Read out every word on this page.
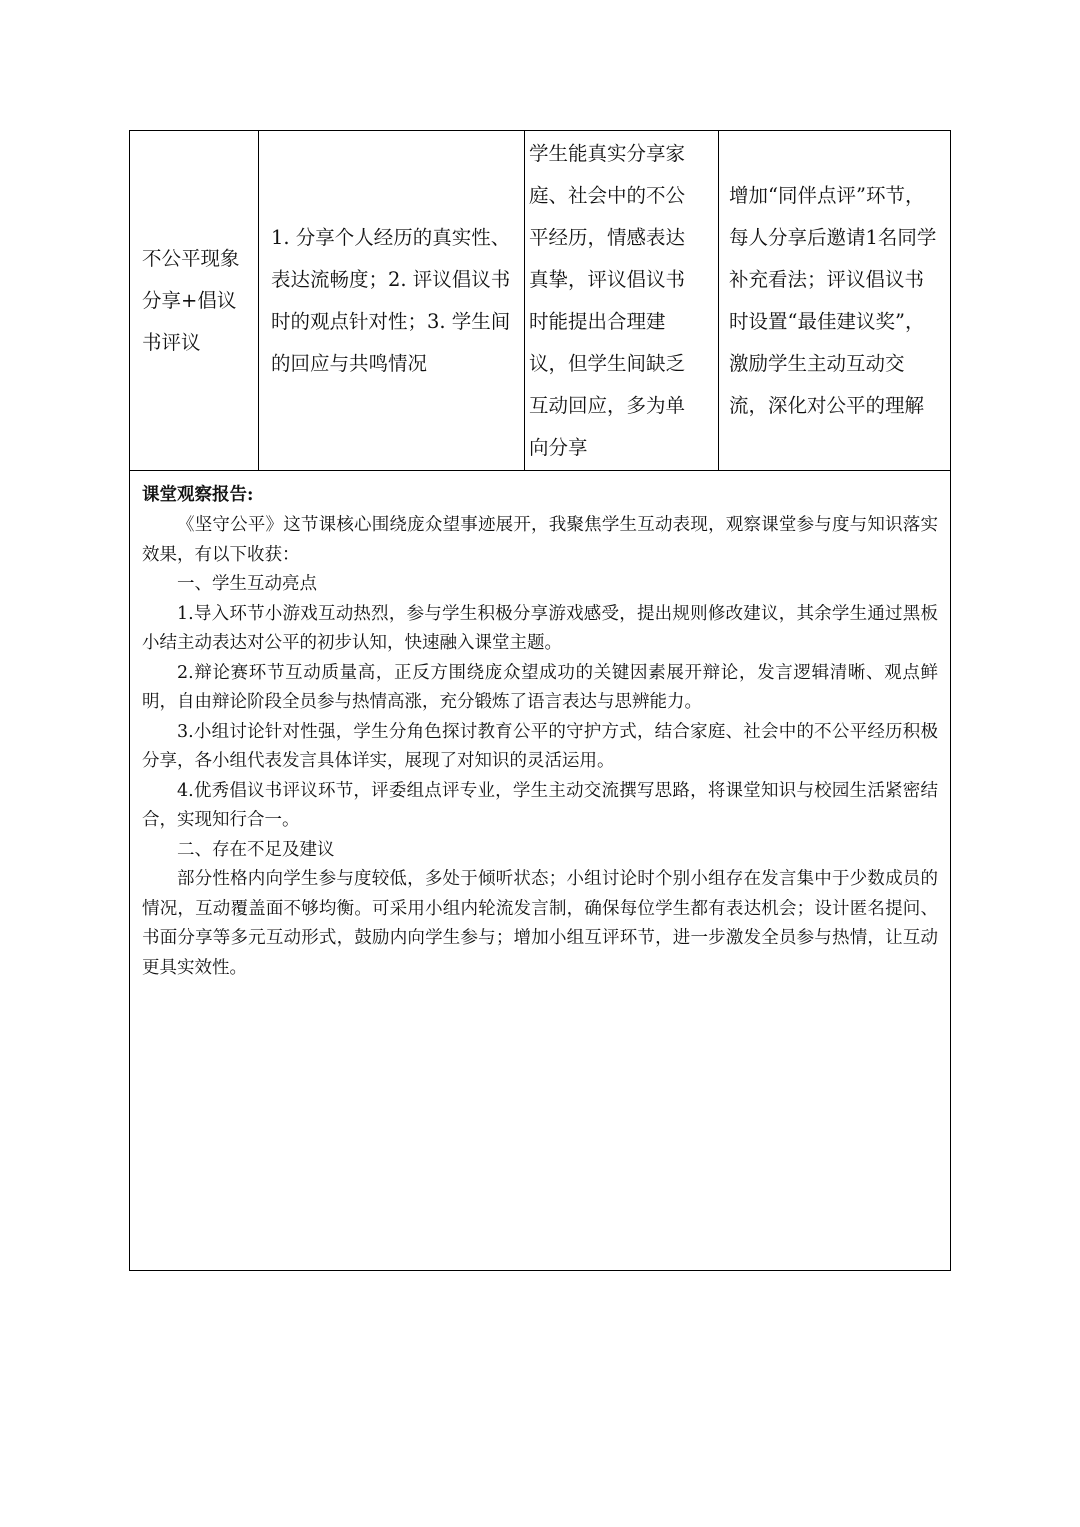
不公平现象分享+倡议书评议
1. 分享个人经历的真实性、表达流畅度；2. 评议倡议书时的观点针对性；3. 学生间的回应与共鸣情况
学生能真实分享家庭、社会中的不公平经历，情感表达真挚，评议倡议书时能提出合理建议，但学生间缺乏互动回应，多为单向分享
增加“同伴点评”环节，每人分享后邀请1名同学补充看法；评议倡议书时设置“最佳建议奖”，激励学生主动互动交流，深化对公平的理解
课堂观察报告:

《坚守公平》这节课核心围绕庞众望事迹展开，我聚焦学生互动表现，观察课堂参与度与知识落实效果，有以下收获：

一、学生互动亮点

1.导入环节小游戏互动热烈，参与学生积极分享游戏感受，提出规则修改建议，其余学生通过黑板小结主动表达对公平的初步认知，快速融入课堂主题。

2.辩论赛环节互动质量高，正反方围绕庞众望成功的关键因素展开辩论，发言逻辑清晰、观点鲜明，自由辩论阶段全员参与热情高涨，充分锻炼了语言表达与思辨能力。

3.小组讨论针对性强，学生分角色探讨教育公平的守护方式，结合家庭、社会中的不公平经历积极分享，各小组代表发言具体详实，展现了对知识的灵活运用。

4.优秀倡议书评议环节，评委组点评专业，学生主动交流撰写思路，将课堂知识与校园生活紧密结合，实现知行合一。

二、存在不足及建议

部分性格内向学生参与度较低，多处于倾听状态；小组讨论时个别小组存在发言集中于少数成员的情况，互动覆盖面不够均衡。可采用小组内轮流发言制，确保每位学生都有表达机会；设计匿名提问、书面分享等多元互动形式，鼓励内向学生参与；增加小组互评环节，进一步激发全员参与热情，让互动更具实效性。
